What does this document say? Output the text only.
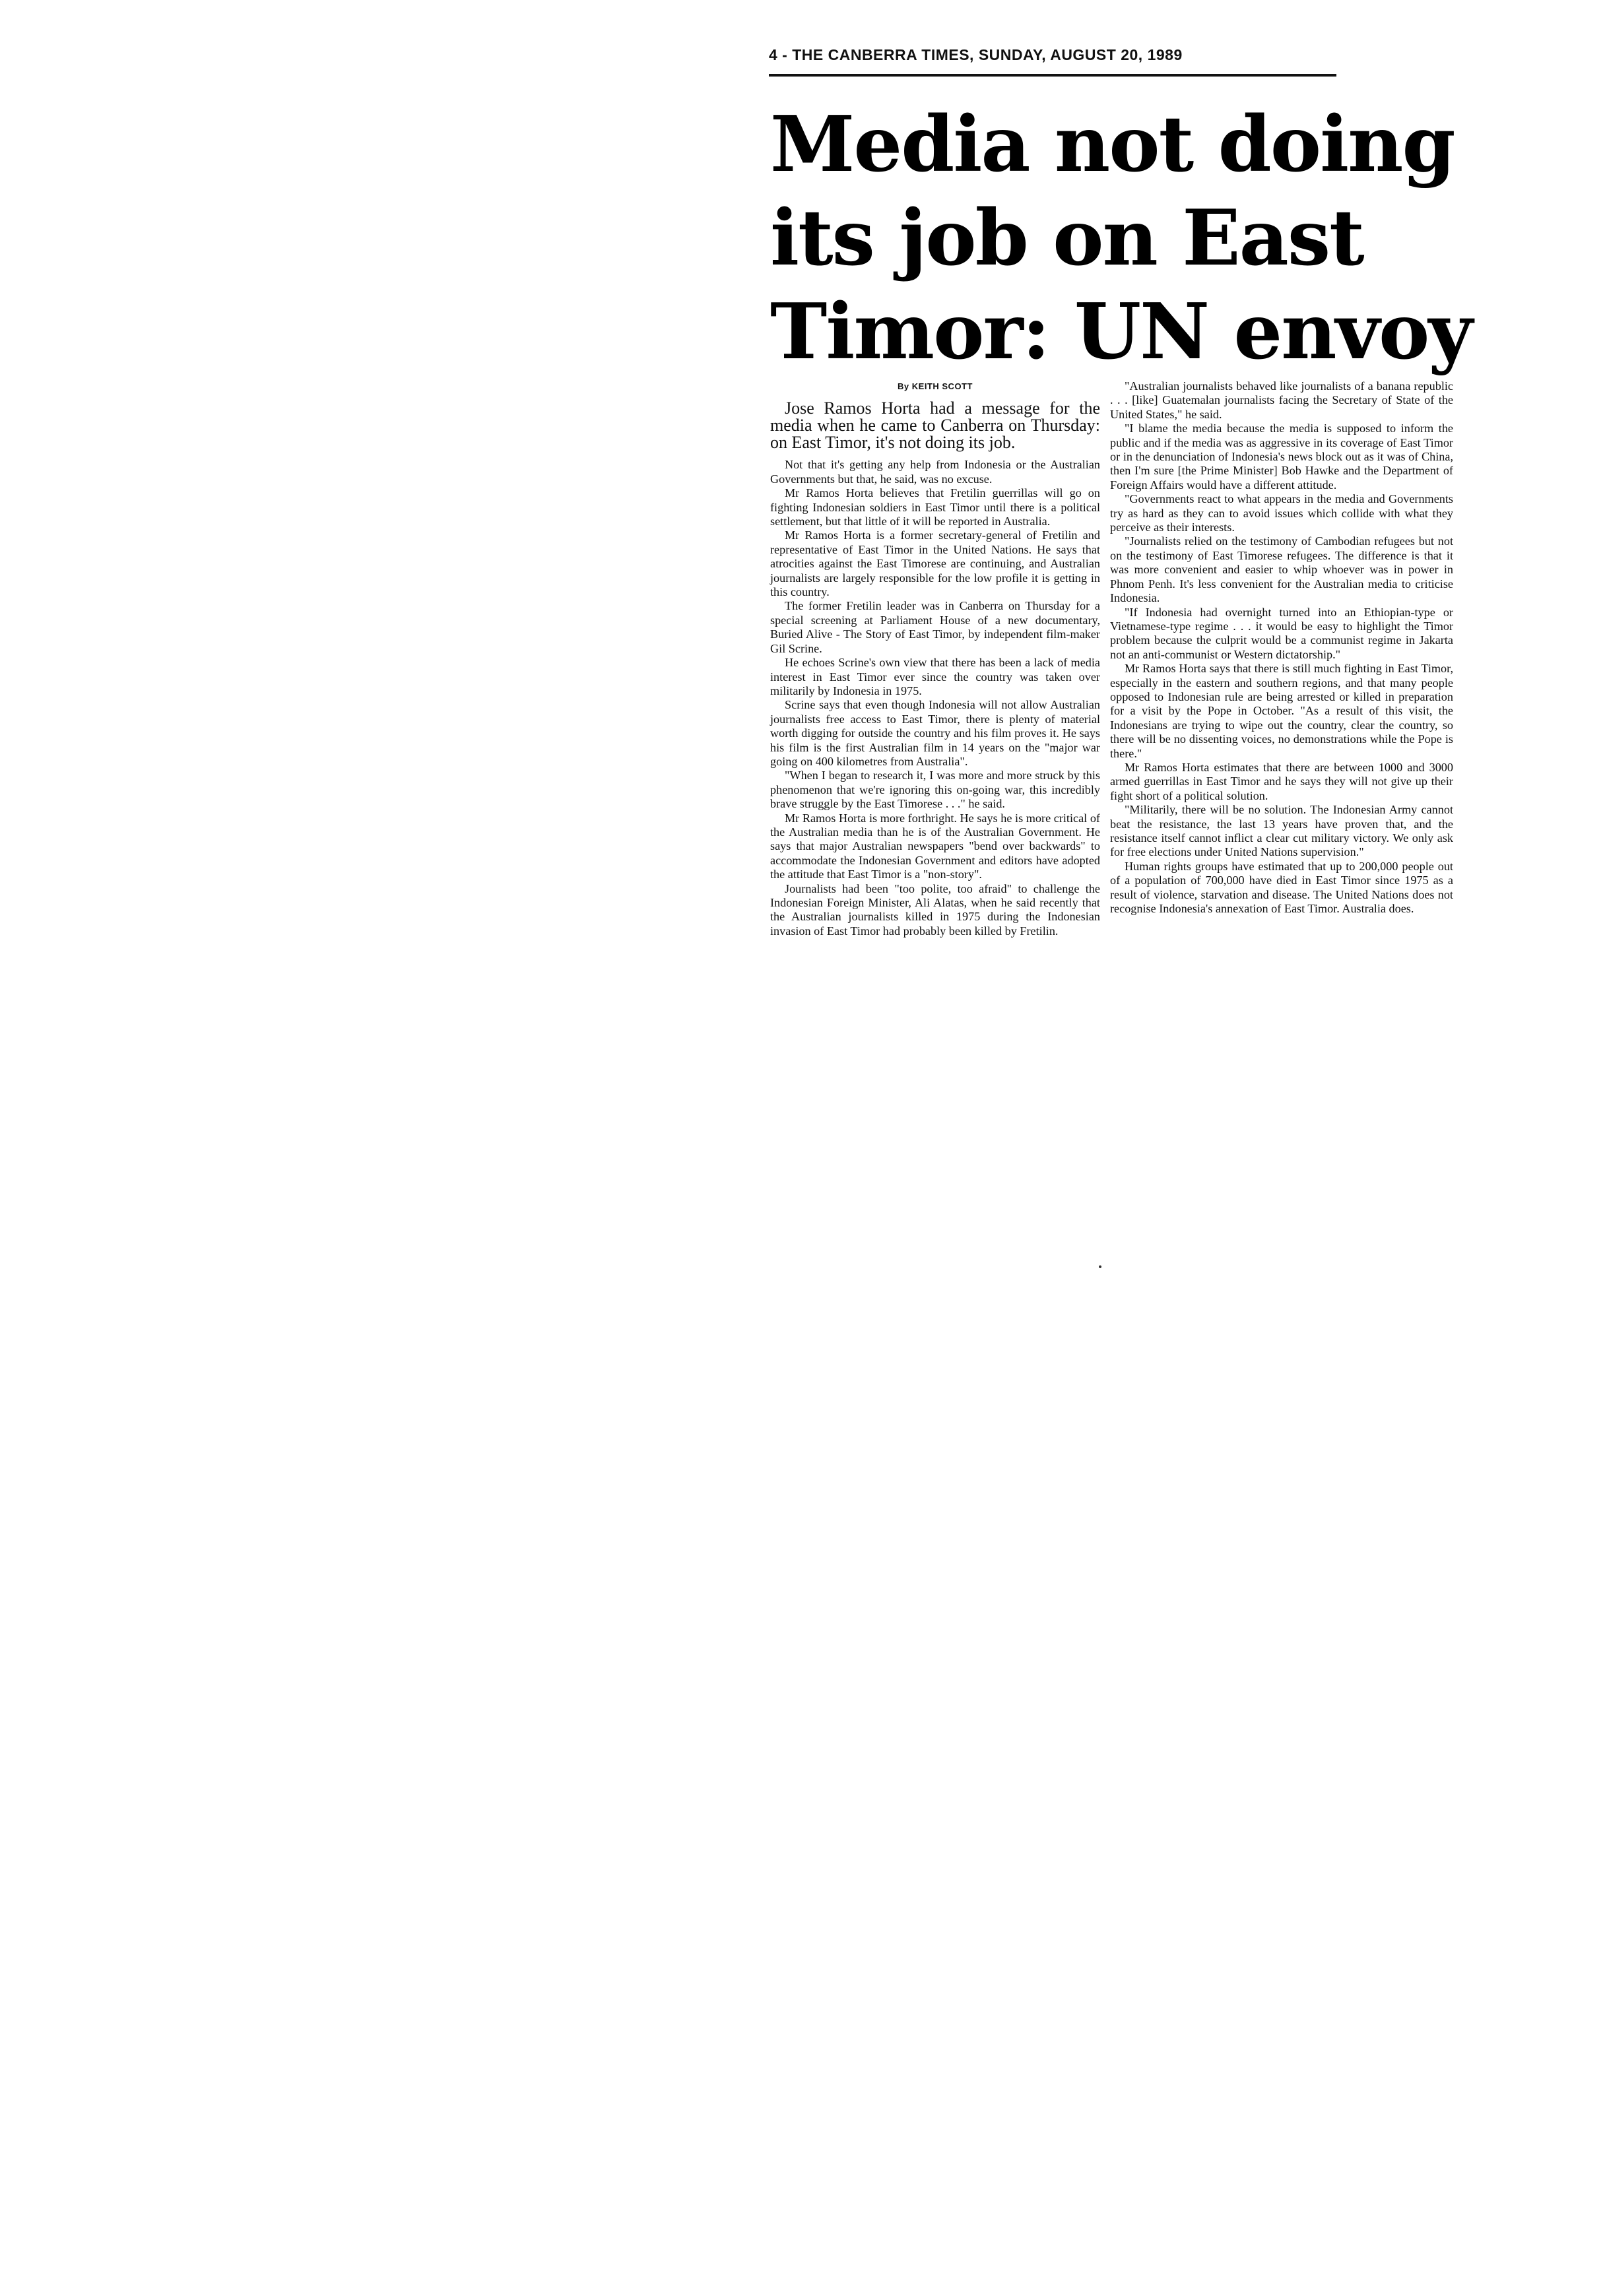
4 - THE CANBERRA TIMES, SUNDAY, AUGUST 20, 1989
Media not doing
its job on East
Timor: UN envoy
By KEITH SCOTT

Jose Ramos Horta had a message for the media when he came to Canberra on Thursday: on East Timor, it's not doing its job.

Not that it's getting any help from Indonesia or the Australian Governments but that, he said, was no excuse.

Mr Ramos Horta believes that Fretilin guerrillas will go on fighting Indonesian soldiers in East Timor until there is a political settlement, but that little of it will be reported in Australia.

Mr Ramos Horta is a former secretary-general of Fretilin and representative of East Timor in the United Nations. He says that atrocities against the East Timorese are continuing, and Australian journalists are largely responsible for the low profile it is getting in this country.

The former Fretilin leader was in Canberra on Thursday for a special screening at Parliament House of a new documentary, Buried Alive - The Story of East Timor, by independent film-maker Gil Scrine.

He echoes Scrine's own view that there has been a lack of media interest in East Timor ever since the country was taken over militarily by Indonesia in 1975.

Scrine says that even though Indonesia will not allow Australian journalists free access to East Timor, there is plenty of material worth digging for outside the country and his film proves it. He says his film is the first Australian film in 14 years on the "major war going on 400 kilometres from Australia".

"When I began to research it, I was more and more struck by this phenomenon that we're ignoring this on-going war, this incredibly brave struggle by the East Timorese . . ." he said.

Mr Ramos Horta is more forthright. He says he is more critical of the Australian media than he is of the Australian Government. He says that major Australian newspapers "bend over backwards" to accommodate the Indonesian Government and editors have adopted the attitude that East Timor is a "non-story".

Journalists had been "too polite, too afraid" to challenge the Indonesian Foreign Minister, Ali Alatas, when he said recently that the Australian journalists killed in 1975 during the Indonesian invasion of East Timor had probably been killed by Fretilin.

"Australian journalists behaved like journalists of a banana republic . . . [like] Guatemalan journalists facing the Secretary of State of the United States," he said.

"I blame the media because the media is supposed to inform the public and if the media was as aggressive in its coverage of East Timor or in the denunciation of Indonesia's news block out as it was of China, then I'm sure [the Prime Minister] Bob Hawke and the Department of Foreign Affairs would have a different attitude.

"Governments react to what appears in the media and Governments try as hard as they can to avoid issues which collide with what they perceive as their interests.

"Journalists relied on the testimony of Cambodian refugees but not on the testimony of East Timorese refugees. The difference is that it was more convenient and easier to whip whoever was in power in Phnom Penh. It's less convenient for the Australian media to criticise Indonesia.

"If Indonesia had overnight turned into an Ethiopian-type or Vietnamese-type regime . . . it would be easy to highlight the Timor problem because the culprit would be a communist regime in Jakarta not an anti-communist or Western dictatorship."

Mr Ramos Horta says that there is still much fighting in East Timor, especially in the eastern and southern regions, and that many people opposed to Indonesian rule are being arrested or killed in preparation for a visit by the Pope in October. "As a result of this visit, the Indonesians are trying to wipe out the country, clear the country, so there will be no dissenting voices, no demonstrations while the Pope is there."

Mr Ramos Horta estimates that there are between 1000 and 3000 armed guerrillas in East Timor and he says they will not give up their fight short of a political solution.

"Militarily, there will be no solution. The Indonesian Army cannot beat the resistance, the last 13 years have proven that, and the resistance itself cannot inflict a clear cut military victory. We only ask for free elections under United Nations supervision."

Human rights groups have estimated that up to 200,000 people out of a population of 700,000 have died in East Timor since 1975 as a result of violence, starvation and disease. The United Nations does not recognise Indonesia's annexation of East Timor. Australia does.
